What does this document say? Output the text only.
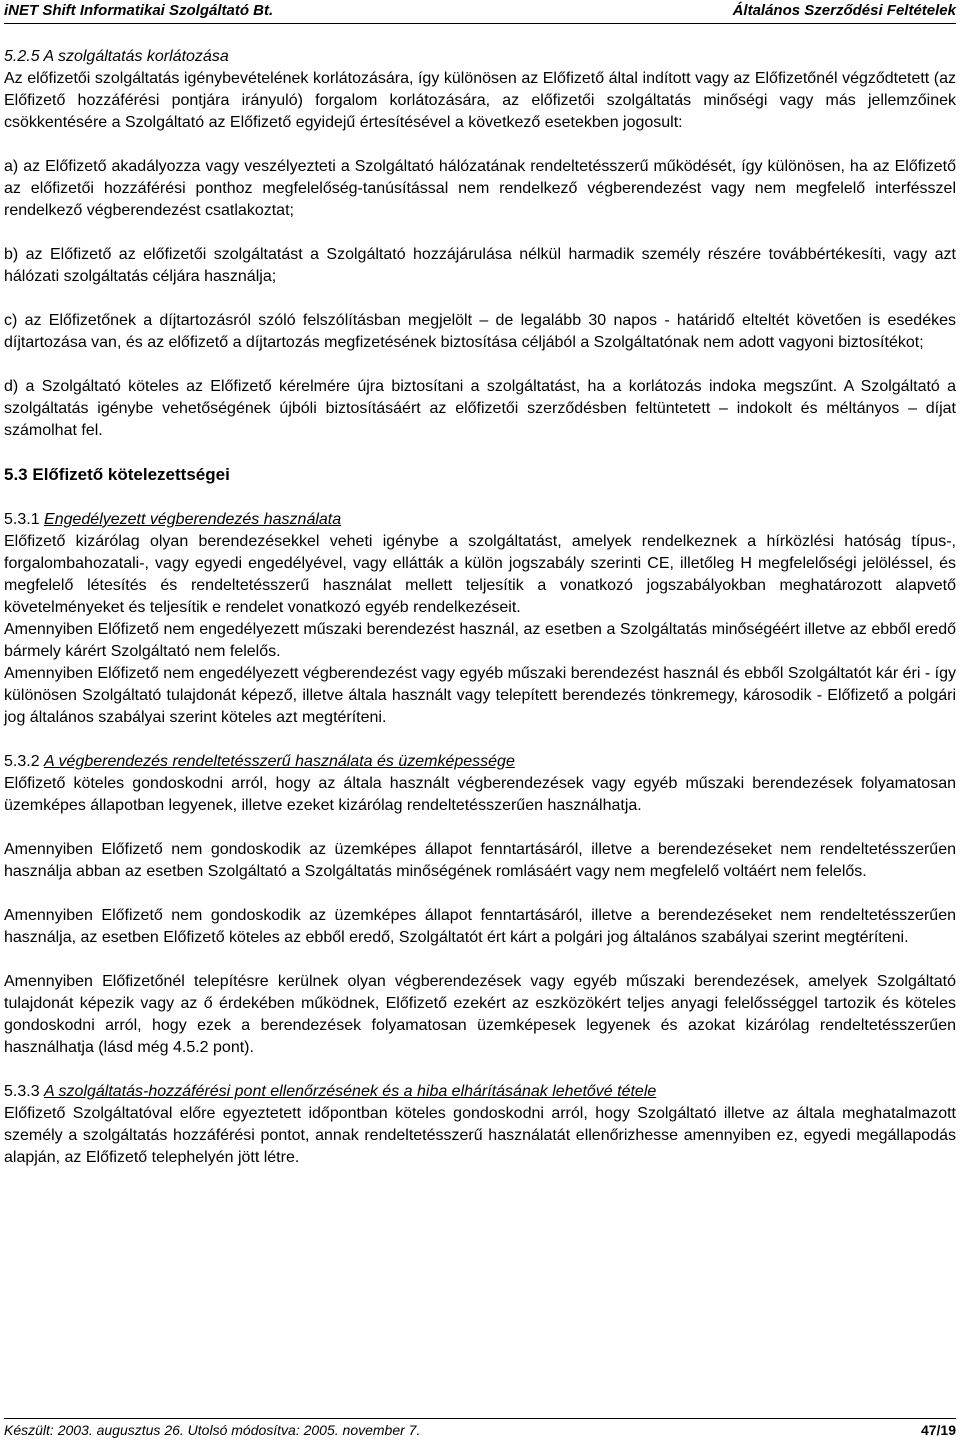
iNET Shift Informatikai Szolgáltató Bt.	Általános Szerződési Feltételek

5.2.5 A szolgáltatás korlátozása

Az előfizetői szolgáltatás igénybevételének korlátozására, így különösen az Előfizető által indított vagy az Előfizetőnél végződtetett (az Előfizető hozzáférési pontjára irányuló) forgalom korlátozására, az előfizetői szolgáltatás minőségi vagy más jellemzőinek csökkentésére a Szolgáltató az Előfizető egyidejű értesítésével a következő esetekben jogosult:

a) az Előfizető akadályozza vagy veszélyezteti a Szolgáltató hálózatának rendeltetésszerű működését, így különösen, ha az Előfizető az előfizetői hozzáférési ponthoz megfelelőség-tanúsítással nem rendelkező végberendezést vagy nem megfelelő interfésszel rendelkező végberendezést csatlakoztat;

b) az Előfizető az előfizetői szolgáltatást a Szolgáltató hozzájárulása nélkül harmadik személy részére továbbértékesíti, vagy azt hálózati szolgáltatás céljára használja;

c) az Előfizetőnek a díjtartozásról szóló felszólításban megjelölt – de legalább 30 napos - határidő elteltét követően is esedékes díjtartozása van, és az előfizető a díjtartozás megfizetésének biztosítása céljából a Szolgáltatónak nem adott vagyoni biztosítékot;

d) a Szolgáltató köteles az Előfizető kérelmére újra biztosítani a szolgáltatást, ha a korlátozás indoka megszűnt. A Szolgáltató a szolgáltatás igénybe vehetőségének újbóli biztosításáért az előfizetői szerződésben feltüntetett – indokolt és méltányos – díjat számolhat fel.

5.3 Előfizető kötelezettségei

5.3.1 Engedélyezett végberendezés használata

Előfizető kizárólag olyan berendezésekkel veheti igénybe a szolgáltatást, amelyek rendelkeznek a hírközlési hatóság típus-, forgalombahozatali-, vagy egyedi engedélyével, vagy ellátták a külön jogszabály szerinti CE, illetőleg H megfelelőségi jelöléssel, és megfelelő létesítés és rendeltetésszerű használat mellett teljesítik a vonatkozó jogszabályokban meghatározott alapvető követelményeket és teljesítik e rendelet vonatkozó egyéb rendelkezéseit.

Amennyiben Előfizető nem engedélyezett műszaki berendezést használ, az esetben a Szolgáltatás minőségéért illetve az ebből eredő bármely kárért Szolgáltató nem felelős.

Amennyiben Előfizető nem engedélyezett végberendezést vagy egyéb műszaki berendezést használ és ebből Szolgáltatót kár éri - így különösen Szolgáltató tulajdonát képező, illetve általa használt vagy telepített berendezés tönkremegy, károsodik - Előfizető a polgári jog általános szabályai szerint köteles azt megtéríteni.

5.3.2 A végberendezés rendeltetésszerű használata és üzemképessége

Előfizető köteles gondoskodni arról, hogy az általa használt végberendezések vagy egyéb műszaki berendezések folyamatosan üzemképes állapotban legyenek, illetve ezeket kizárólag rendeltetésszerűen használhatja.

Amennyiben Előfizető nem gondoskodik az üzemképes állapot fenntartásáról, illetve a berendezéseket nem rendeltetésszerűen használja abban az esetben Szolgáltató a Szolgáltatás minőségének romlásáért vagy nem megfelelő voltáért nem felelős.

Amennyiben Előfizető nem gondoskodik az üzemképes állapot fenntartásáról, illetve a berendezéseket nem rendeltetésszerűen használja, az esetben Előfizető köteles az ebből eredő, Szolgáltatót ért kárt a polgári jog általános szabályai szerint megtéríteni.

Amennyiben Előfizetőnél telepítésre kerülnek olyan végberendezések vagy egyéb műszaki berendezések, amelyek Szolgáltató tulajdonát képezik vagy az ő érdekében működnek, Előfizető ezekért az eszközökért teljes anyagi felelősséggel tartozik és köteles gondoskodni arról, hogy ezek a berendezések folyamatosan üzemképesek legyenek és azokat kizárólag rendeltetésszerűen használhatja (lásd még 4.5.2 pont).

5.3.3 A szolgáltatás-hozzáférési pont ellenőrzésének és a hiba elhárításának lehetővé tétele

Előfizető Szolgáltatóval előre egyeztetett időpontban köteles gondoskodni arról, hogy Szolgáltató illetve az általa meghatalmazott személy a szolgáltatás hozzáférési pontot, annak rendeltetésszerű használatát ellenőrizhesse amennyiben ez, egyedi megállapodás alapján, az Előfizető telephelyén jött létre.

Készült: 2003. augusztus 26. Utolsó módosítva: 2005. november 7.	47/19
